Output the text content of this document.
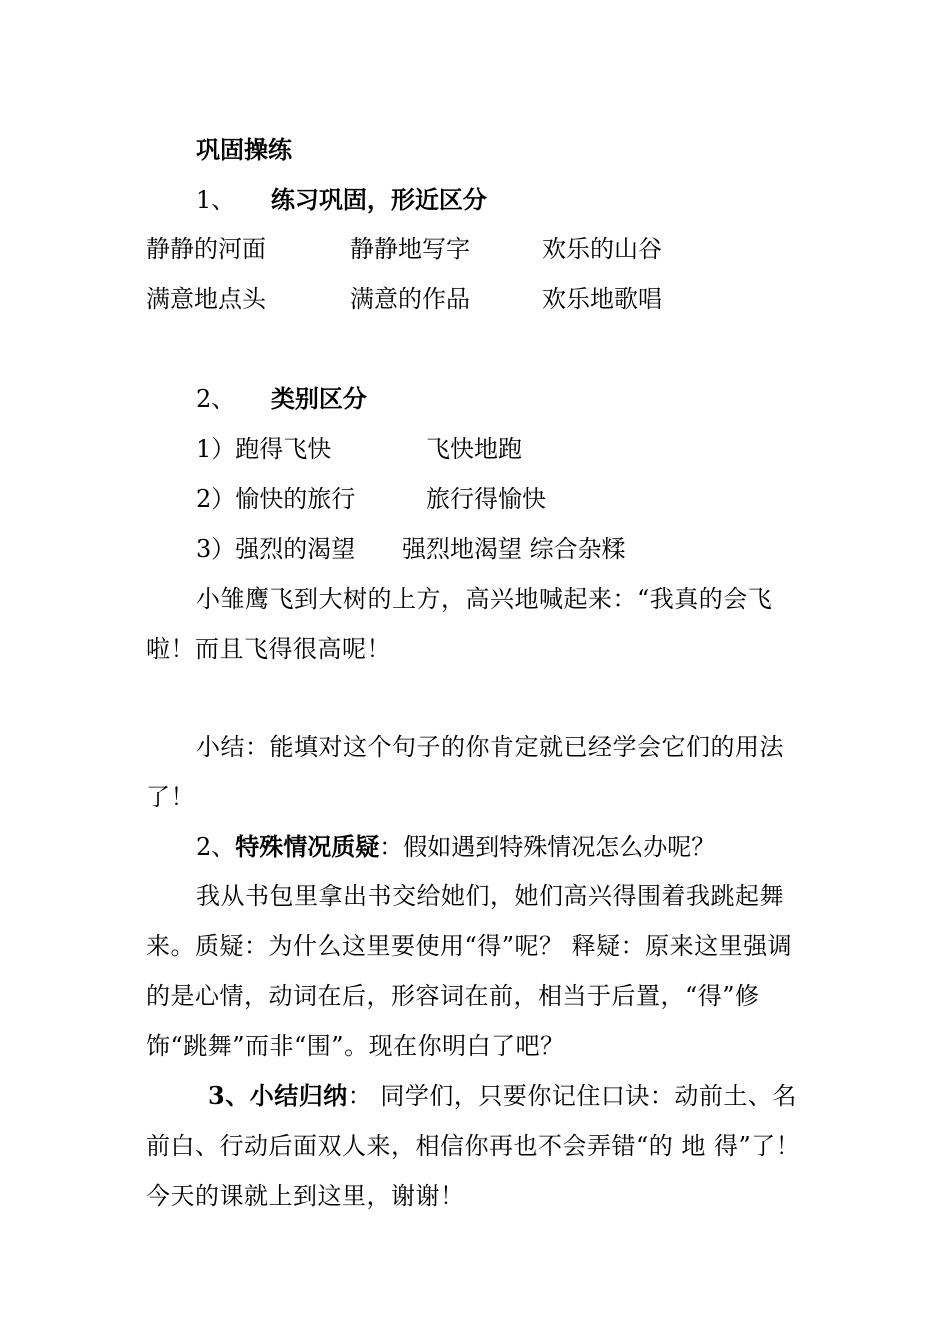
巩固操练
1、 练习巩固，形近区分
静静的河面	静静地写字	欢乐的山谷
满意地点头	满意的作品	欢乐地歌唱
2、 类别区分
1）跑得飞快	飞快地跑
2）愉快的旅行	旅行得愉快
3）强烈的渴望 强烈地渴望 综合杂糅
小雏鹰飞到大树的上方，高兴地喊起来：“我真的会飞啦！而且飞得很高呢！
小结：能填对这个句子的你肯定就已经学会它们的用法了！
2、特殊情况质疑：假如遇到特殊情况怎么办呢？
我从书包里拿出书交给她们，她们高兴得围着我跳起舞来。质疑：为什么这里要使用“得”呢？ 释疑：原来这里强调的是心情，动词在后，形容词在前，相当于后置，“得”修饰“跳舞”而非“围”。现在你明白了吧？
3、小结归纳： 同学们，只要你记住口诀：动前土、名前白、行动后面双人来，相信你再也不会弄错“的 地 得”了！今天的课就上到这里，谢谢！
